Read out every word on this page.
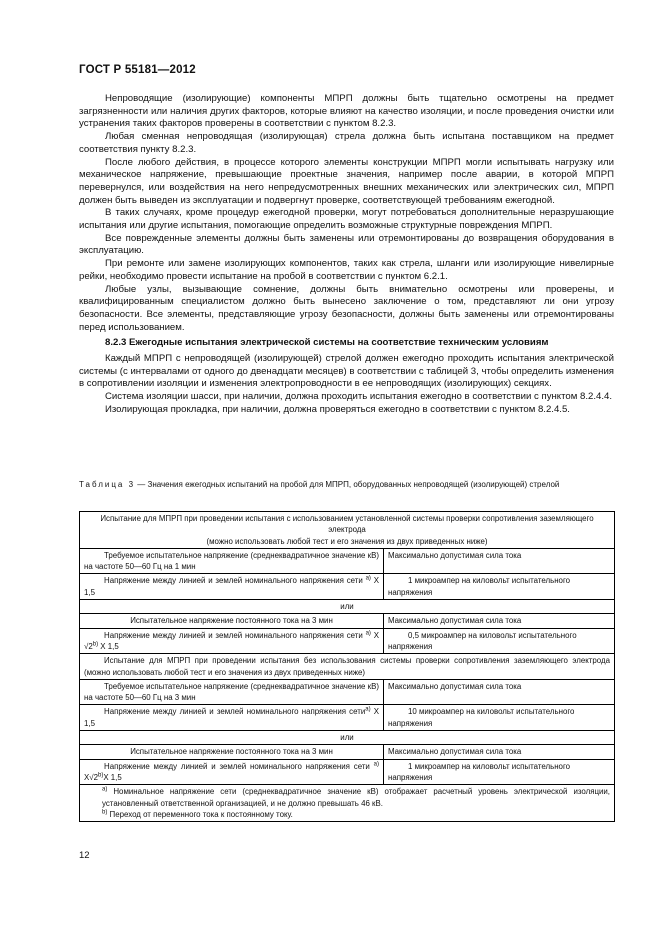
ГОСТ Р 55181—2012

Непроводящие (изолирующие) компоненты МПРП должны быть тщательно осмотрены на предмет загрязненности или наличия других факторов, которые влияют на качество изоляции, и после проведения очистки или устранения таких факторов проверены в соответствии с пунктом 8.2.3.

Любая сменная непроводящая (изолирующая) стрела должна быть испытана поставщиком на предмет соответствия пункту 8.2.3.

После любого действия, в процессе которого элементы конструкции МПРП могли испытывать нагрузку или механическое напряжение, превышающие проектные значения, например после аварии, в которой МПРП перевернулся, или воздействия на него непредусмотренных внешних механических или электрических сил, МПРП должен быть выведен из эксплуатации и подвергнут проверке, соответствующей требованиям ежегодной.

В таких случаях, кроме процедур ежегодной проверки, могут потребоваться дополнительные неразрушающие испытания или другие испытания, помогающие определить возможные структурные повреждения МПРП.

Все поврежденные элементы должны быть заменены или отремонтированы до возвращения оборудования в эксплуатацию.

При ремонте или замене изолирующих компонентов, таких как стрела, шланги или изолирующие нивелирные рейки, необходимо провести испытание на пробой в соответствии с пунктом 6.2.1.

Любые узлы, вызывающие сомнение, должны быть внимательно осмотрены или проверены, и квалифицированным специалистом должно быть вынесено заключение о том, представляют ли они угрозу безопасности. Все элементы, представляющие угрозу безопасности, должны быть заменены или отремонтированы перед использованием.

8.2.3 Ежегодные испытания электрической системы на соответствие техническим условиям

Каждый МПРП с непроводящей (изолирующей) стрелой должен ежегодно проходить испытания электрической системы (с интервалами от одного до двенадцати месяцев) в соответствии с таблицей 3, чтобы определить изменения в сопротивлении изоляции и изменения электропроводности в ее непроводящих (изолирующих) секциях.

Система изоляции шасси, при наличии, должна проходить испытания ежегодно в соответствии с пунктом 8.2.4.4.

Изолирующая прокладка, при наличии, должна проверяться ежегодно в соответствии с пунктом 8.2.4.5.

Таблица 3 — Значения ежегодных испытаний на пробой для МПРП, оборудованных непроводящей (изолирующей) стрелой
Испытание для МПРП при проведении испытания с использованием установленной системы проверки сопротивления заземляющего электрода
(можно использовать любой тест и его значения из двух приведенных ниже)	

Требуемое испытательное напряжение (среднеквадратичное значение кВ) на частоте 50—60 Гц на 1 мин	Максимально допустимая сила тока
Напряжение между линией и землей номинального напряжения сети $^{a)}$ X 1,5	1 микроампер на киловольт испытательного напряжения
или	
Испытательное напряжение постоянного тока на 3 мин	Максимально допустимая сила тока
Напряжение между линией и землей номинального напряжения сети $^{a)}$ X √2$^{b)}$ X 1,5	0,5 микроампер на киловольт испытательного напряжения
Испытание для МПРП при проведении испытания без использования системы проверки сопротивления заземляющего электрода (можно использовать любой тест и его значения из двух приведенных ниже)	
Требуемое испытательное напряжение (среднеквадратичное значение кВ) на частоте 50—60 Гц на 3 мин	Максимально допустимая сила тока
Напряжение между линией и землей номинального напряжения сети$^{a)}$ X 1,5	10 микроампер на киловольт испытательного напряжения
или	
Испытательное напряжение постоянного тока на 3 мин	Максимально допустимая сила тока
Напряжение между линией и землей номинального напряжения сети $^{a)}$ X√2$^{b)}$X 1,5	1 микроампер на киловольт испытательного напряжения

$^{a)}$ Номинальное напряжение сети (среднеквадратичное значение кВ) отображает расчетный уровень электрической изоляции, установленный ответственной организацией, и не должно превышать 46 кВ.
$^{b)}$ Переход от переменного тока к постоянному току.	
12
